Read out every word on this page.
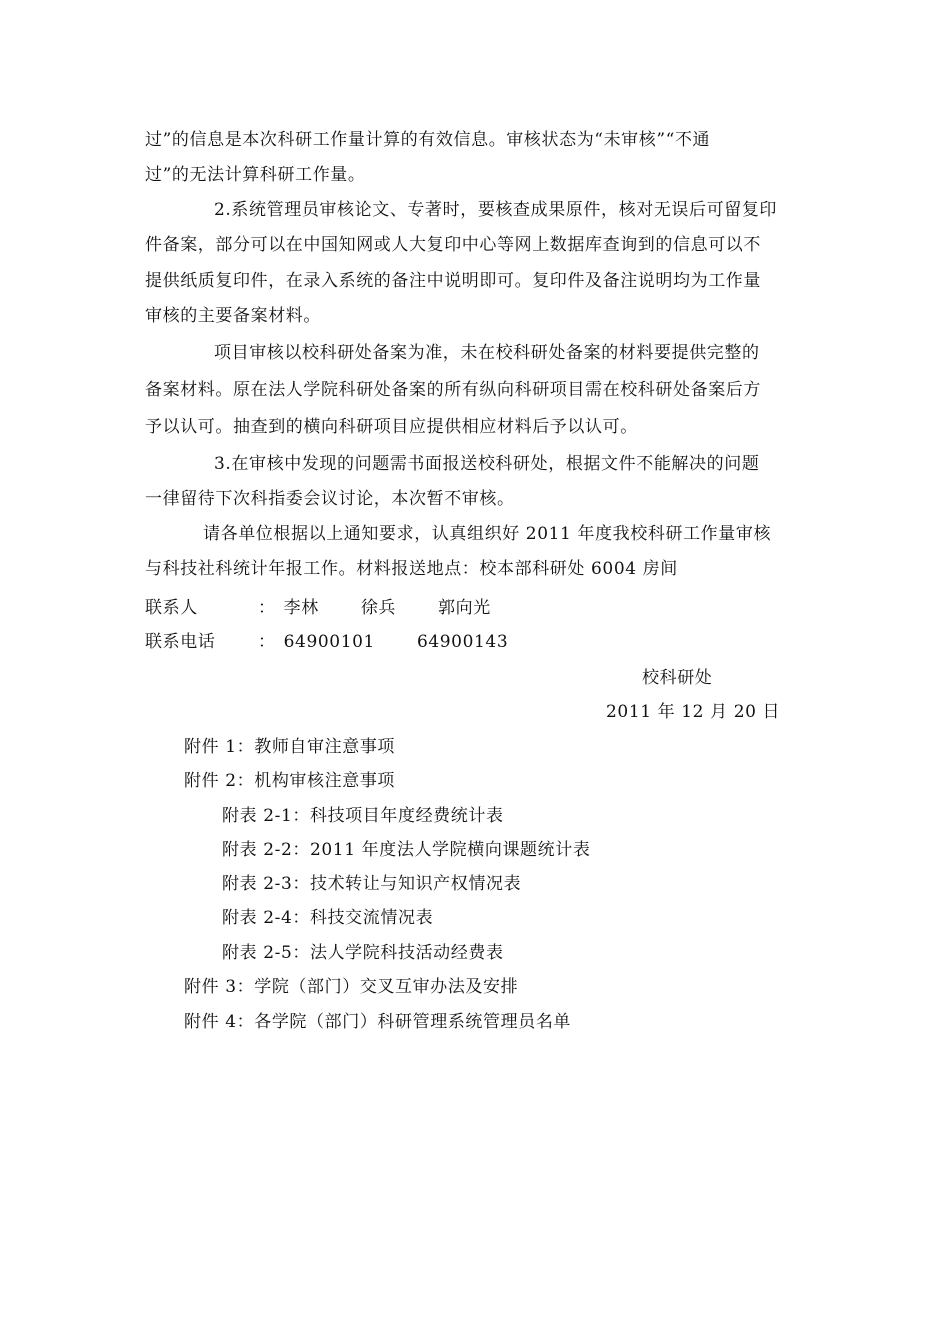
过”的信息是本次科研工作量计算的有效信息。审核状态为“未审核”“不通
过”的无法计算科研工作量。
2.系统管理员审核论文、专著时，要核查成果原件，核对无误后可留复印
件备案，部分可以在中国知网或人大复印中心等网上数据库查询到的信息可以不
提供纸质复印件，在录入系统的备注中说明即可。复印件及备注说明均为工作量
审核的主要备案材料。
项目审核以校科研处备案为准，未在校科研处备案的材料要提供完整的
备案材料。原在法人学院科研处备案的所有纵向科研项目需在校科研处备案后方
予以认可。抽查到的横向科研项目应提供相应材料后予以认可。
3.在审核中发现的问题需书面报送校科研处，根据文件不能解决的问题
一律留待下次科指委会议讨论，本次暂不审核。
请各单位根据以上通知要求，认真组织好 2011 年度我校科研工作量审核
与科技社科统计年报工作。材料报送地点：校本部科研处 6004 房间
联系人	： 李林 徐兵 郭向光
联系电话	： 64900101 64900143
校科研处
2011 年 12 月 20 日
附件 1：教师自审注意事项
附件 2：机构审核注意事项
附表 2-1：科技项目年度经费统计表
附表 2-2：2011 年度法人学院横向课题统计表
附表 2-3：技术转让与知识产权情况表
附表 2-4：科技交流情况表
附表 2-5：法人学院科技活动经费表
附件 3：学院（部门）交叉互审办法及安排
附件 4：各学院（部门）科研管理系统管理员名单
